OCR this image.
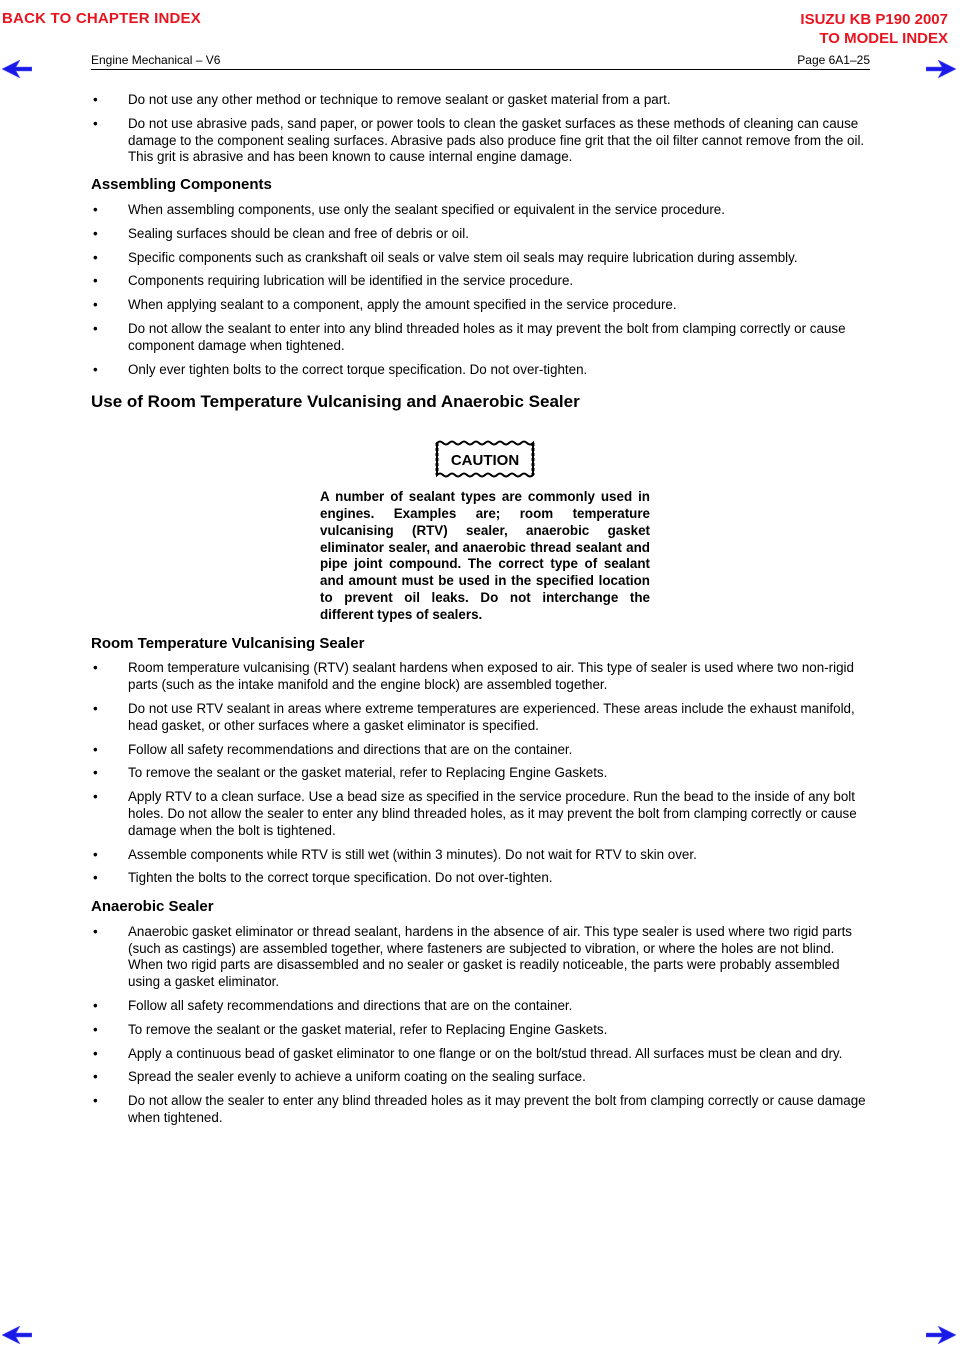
BACK TO CHAPTER INDEX	ISUZU KB P190 2007
TO MODEL INDEX
Engine Mechanical – V6	Page 6A1–25
• Do not use any other method or technique to remove sealant or gasket material from a part.
• Do not use abrasive pads, sand paper, or power tools to clean the gasket surfaces as these methods of cleaning can cause damage to the component sealing surfaces. Abrasive pads also produce fine grit that the oil filter cannot remove from the oil. This grit is abrasive and has been known to cause internal engine damage.
Assembling Components
• When assembling components, use only the sealant specified or equivalent in the service procedure.
• Sealing surfaces should be clean and free of debris or oil.
• Specific components such as crankshaft oil seals or valve stem oil seals may require lubrication during assembly.
• Components requiring lubrication will be identified in the service procedure.
• When applying sealant to a component, apply the amount specified in the service procedure.
• Do not allow the sealant to enter into any blind threaded holes as it may prevent the bolt from clamping correctly or cause component damage when tightened.
• Only ever tighten bolts to the correct torque specification. Do not over-tighten.
Use of Room Temperature Vulcanising and Anaerobic Sealer
CAUTION
A number of sealant types are commonly used in engines. Examples are; room temperature vulcanising (RTV) sealer, anaerobic gasket eliminator sealer, and anaerobic thread sealant and pipe joint compound. The correct type of sealant and amount must be used in the specified location to prevent oil leaks. Do not interchange the different types of sealers.
Room Temperature Vulcanising Sealer
• Room temperature vulcanising (RTV) sealant hardens when exposed to air. This type of sealer is used where two non-rigid parts (such as the intake manifold and the engine block) are assembled together.
• Do not use RTV sealant in areas where extreme temperatures are experienced. These areas include the exhaust manifold, head gasket, or other surfaces where a gasket eliminator is specified.
• Follow all safety recommendations and directions that are on the container.
• To remove the sealant or the gasket material, refer to Replacing Engine Gaskets.
• Apply RTV to a clean surface. Use a bead size as specified in the service procedure. Run the bead to the inside of any bolt holes. Do not allow the sealer to enter any blind threaded holes, as it may prevent the bolt from clamping correctly or cause damage when the bolt is tightened.
• Assemble components while RTV is still wet (within 3 minutes). Do not wait for RTV to skin over.
• Tighten the bolts to the correct torque specification. Do not over-tighten.
Anaerobic Sealer
• Anaerobic gasket eliminator or thread sealant, hardens in the absence of air. This type sealer is used where two rigid parts (such as castings) are assembled together, where fasteners are subjected to vibration, or where the holes are not blind. When two rigid parts are disassembled and no sealer or gasket is readily noticeable, the parts were probably assembled using a gasket eliminator.
• Follow all safety recommendations and directions that are on the container.
• To remove the sealant or the gasket material, refer to Replacing Engine Gaskets.
• Apply a continuous bead of gasket eliminator to one flange or on the bolt/stud thread. All surfaces must be clean and dry.
• Spread the sealer evenly to achieve a uniform coating on the sealing surface.
• Do not allow the sealer to enter any blind threaded holes as it may prevent the bolt from clamping correctly or cause damage when tightened.
